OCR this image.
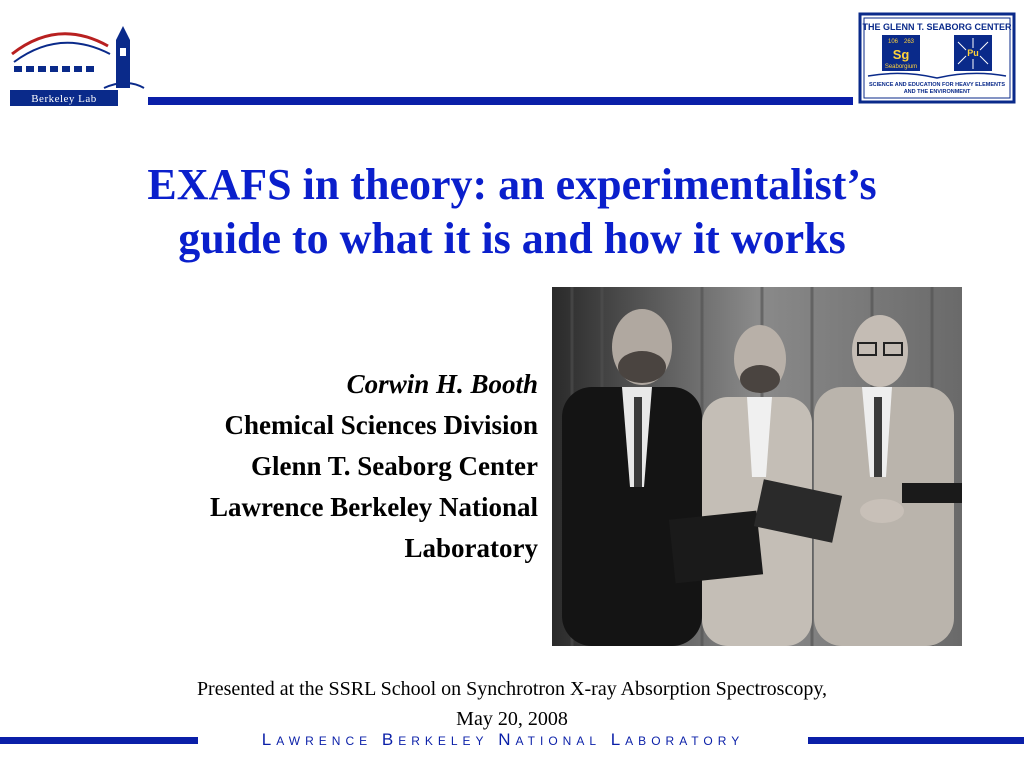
Berkeley Lab
THE GLENN T. SEABORG CENTER
106 263
Sg
Seaborgium
Pu
SCIENCE AND EDUCATION FOR HEAVY ELEMENTS
AND THE ENVIRONMENT
EXAFS in theory: an experimentalist’s
guide to what it is and how it works
Corwin H. Booth
Chemical Sciences Division
Glenn T. Seaborg Center
Lawrence Berkeley National
Laboratory
Presented at the SSRL School on Synchrotron X-ray Absorption Spectroscopy,
May 20, 2008
Lawrence Berkeley National Laboratory
